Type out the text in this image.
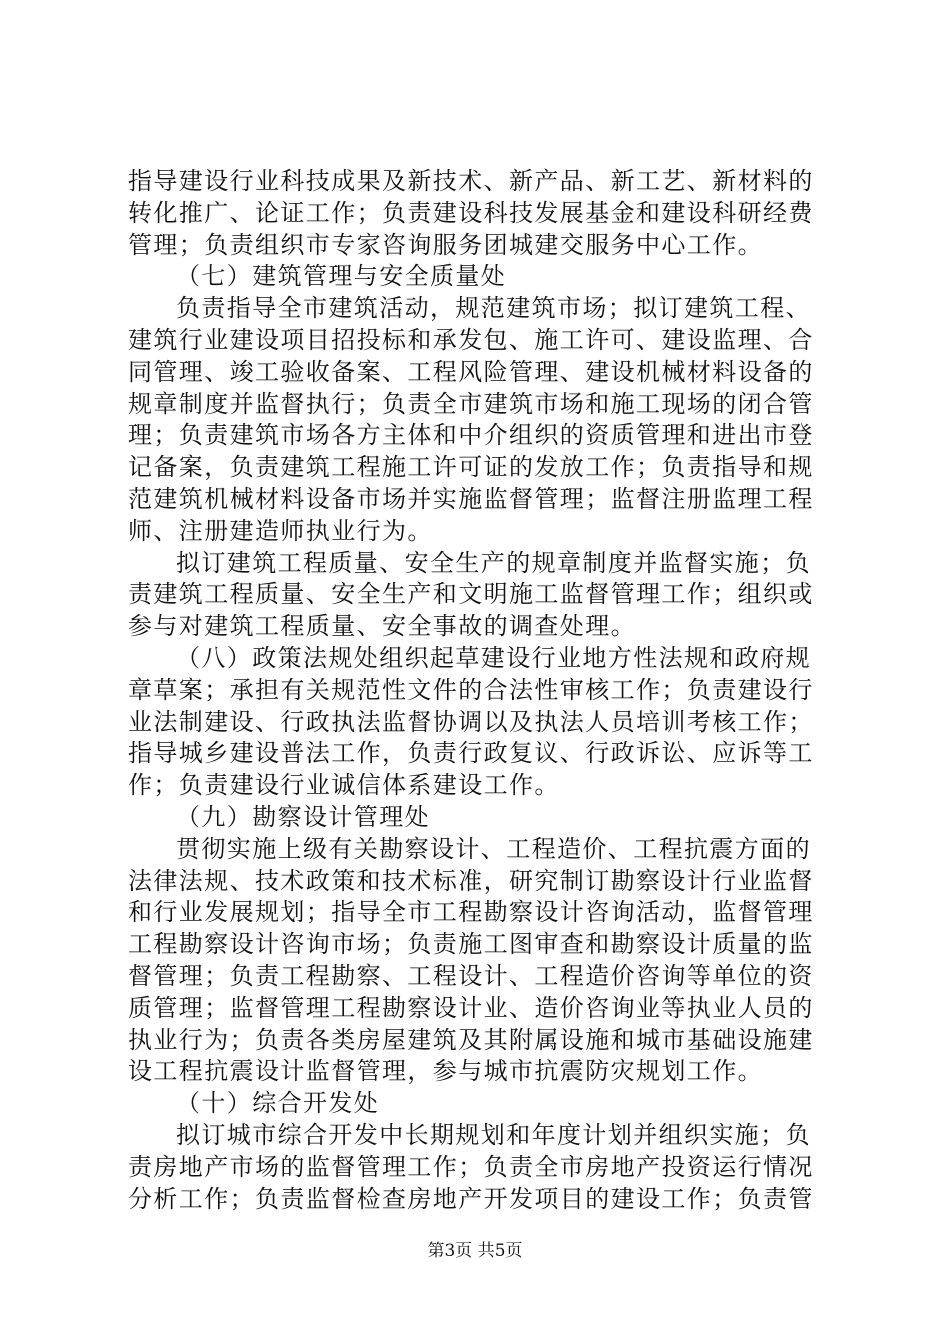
指导建设行业科技成果及新技术、新产品、新工艺、新材料的
转化推广、论证工作；负责建设科技发展基金和建设科研经费
管理；负责组织市专家咨询服务团城建交服务中心工作。
（七）建筑管理与安全质量处
负责指导全市建筑活动，规范建筑市场；拟订建筑工程、
建筑行业建设项目招投标和承发包、施工许可、建设监理、合
同管理、竣工验收备案、工程风险管理、建设机械材料设备的
规章制度并监督执行；负责全市建筑市场和施工现场的闭合管
理；负责建筑市场各方主体和中介组织的资质管理和进出市登
记备案，负责建筑工程施工许可证的发放工作；负责指导和规
范建筑机械材料设备市场并实施监督管理；监督注册监理工程
师、注册建造师执业行为。
拟订建筑工程质量、安全生产的规章制度并监督实施；负
责建筑工程质量、安全生产和文明施工监督管理工作；组织或
参与对建筑工程质量、安全事故的调查处理。
（八）政策法规处组织起草建设行业地方性法规和政府规
章草案；承担有关规范性文件的合法性审核工作；负责建设行
业法制建设、行政执法监督协调以及执法人员培训考核工作；
指导城乡建设普法工作，负责行政复议、行政诉讼、应诉等工
作；负责建设行业诚信体系建设工作。
（九）勘察设计管理处
贯彻实施上级有关勘察设计、工程造价、工程抗震方面的
法律法规、技术政策和技术标准，研究制订勘察设计行业监督
和行业发展规划；指导全市工程勘察设计咨询活动，监督管理
工程勘察设计咨询市场；负责施工图审查和勘察设计质量的监
督管理；负责工程勘察、工程设计、工程造价咨询等单位的资
质管理；监督管理工程勘察设计业、造价咨询业等执业人员的
执业行为；负责各类房屋建筑及其附属设施和城市基础设施建
设工程抗震设计监督管理，参与城市抗震防灾规划工作。
（十）综合开发处
拟订城市综合开发中长期规划和年度计划并组织实施；负
责房地产市场的监督管理工作；负责全市房地产投资运行情况
分析工作；负责监督检查房地产开发项目的建设工作；负责管
第3页 共5页
